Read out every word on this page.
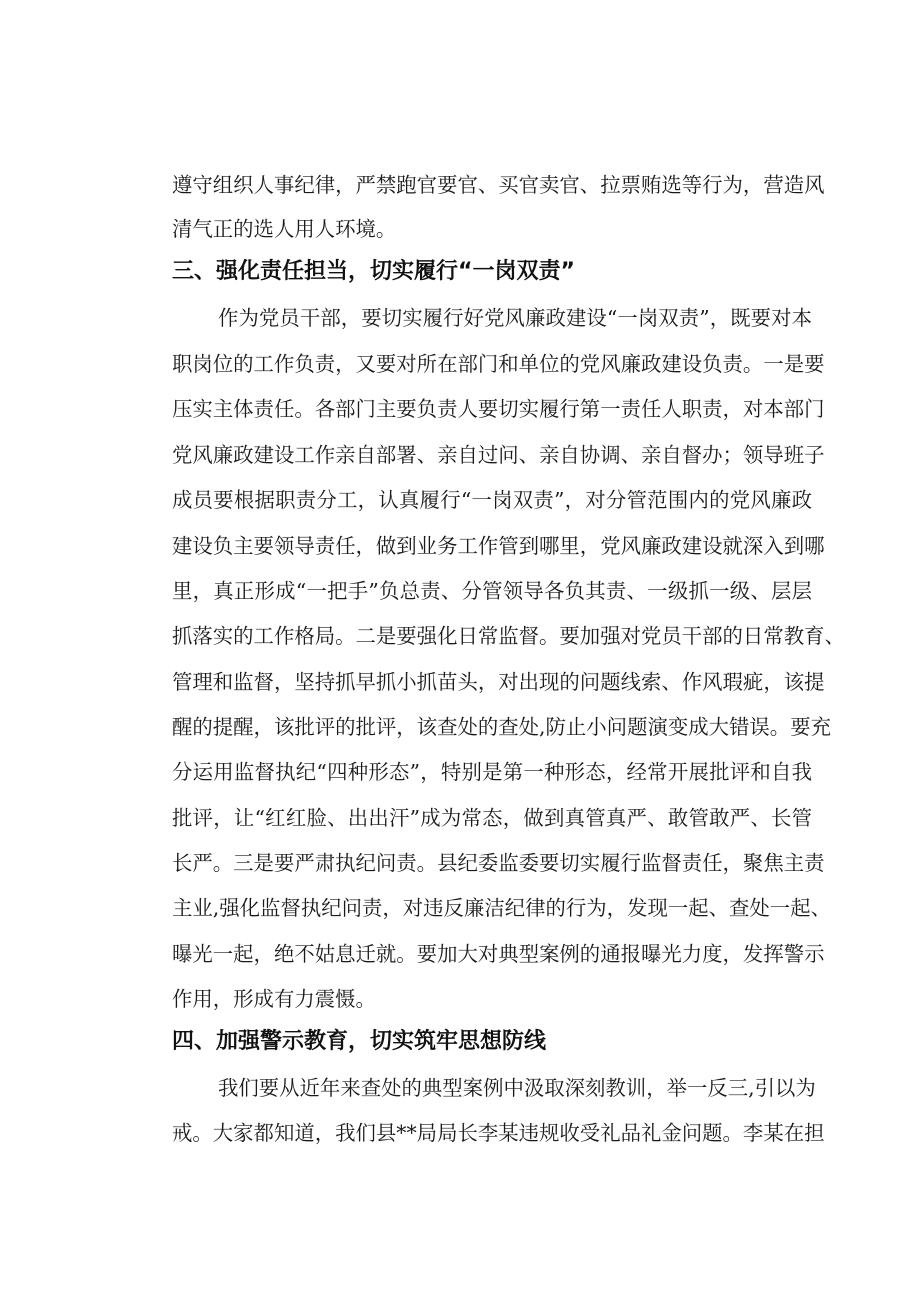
遵守组织人事纪律，严禁跑官要官、买官卖官、拉票贿选等行为，营造风
清气正的选人用人环境。
三、强化责任担当，切实履行“一岗双责”
作为党员干部，要切实履行好党风廉政建设“一岗双责”，既要对本
职岗位的工作负责，又要对所在部门和单位的党风廉政建设负责。一是要
压实主体责任。各部门主要负责人要切实履行第一责任人职责，对本部门
党风廉政建设工作亲自部署、亲自过问、亲自协调、亲自督办；领导班子
成员要根据职责分工，认真履行“一岗双责”，对分管范围内的党风廉政
建设负主要领导责任，做到业务工作管到哪里，党风廉政建设就深入到哪
里，真正形成“一把手”负总责、分管领导各负其责、一级抓一级、层层
抓落实的工作格局。二是要强化日常监督。要加强对党员干部的日常教育、
管理和监督，坚持抓早抓小抓苗头，对出现的问题线索、作风瑕疵，该提
醒的提醒，该批评的批评，该查处的查处,防止小问题演变成大错误。要充
分运用监督执纪“四种形态”，特别是第一种形态，经常开展批评和自我
批评，让“红红脸、出出汗”成为常态，做到真管真严、敢管敢严、长管
长严。三是要严肃执纪问责。县纪委监委要切实履行监督责任，聚焦主责
主业,强化监督执纪问责，对违反廉洁纪律的行为，发现一起、查处一起、
曝光一起，绝不姑息迁就。要加大对典型案例的通报曝光力度，发挥警示
作用，形成有力震慑。
四、加强警示教育，切实筑牢思想防线
我们要从近年来查处的典型案例中汲取深刻教训，举一反三,引以为
戒。大家都知道，我们县**局局长李某违规收受礼品礼金问题。李某在担
